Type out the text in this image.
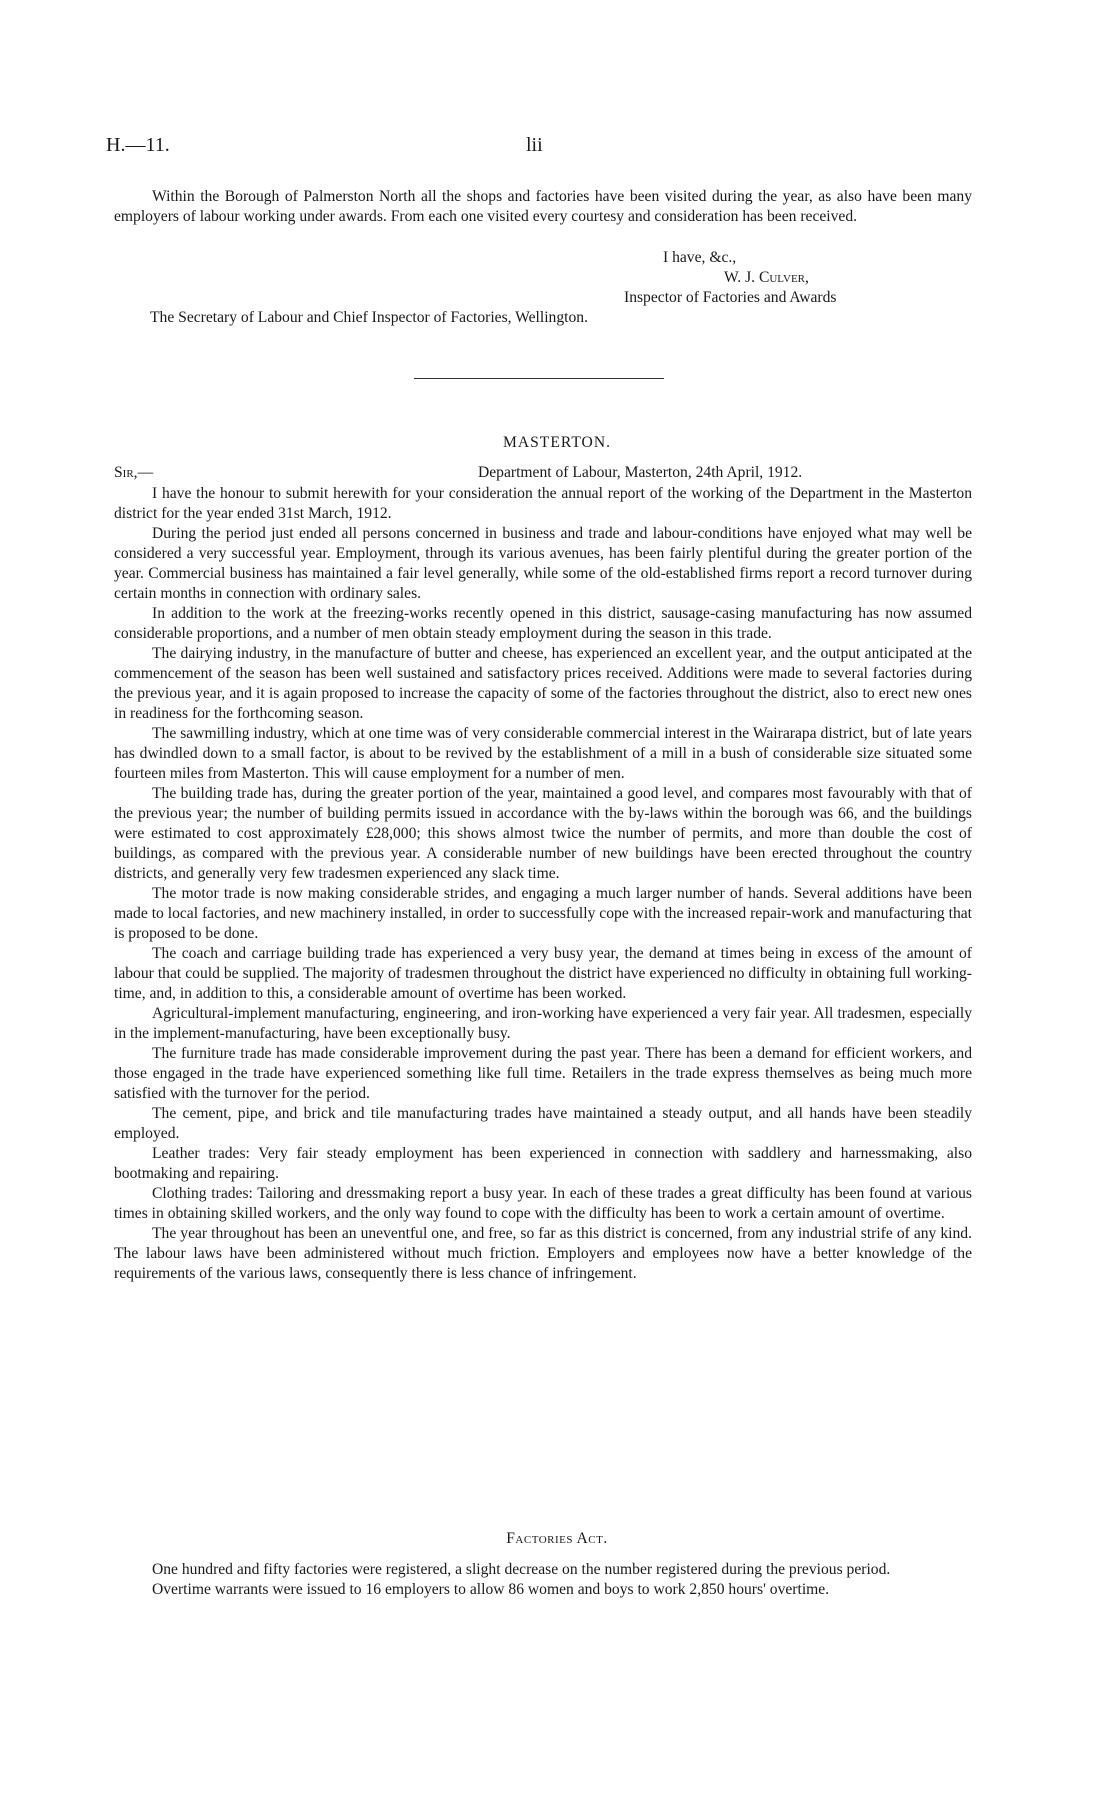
H.—11.	lii

Within the Borough of Palmerston North all the shops and factories have been visited during the year, as also have been many employers of labour working under awards. From each one visited every courtesy and consideration has been received.

I have, &c.,
W. J. Culver,
Inspector of Factories and Awards
The Secretary of Labour and Chief Inspector of Factories, Wellington.
MASTERTON.
Sir,—	Department of Labour, Masterton, 24th April, 1912.

I have the honour to submit herewith for your consideration the annual report of the working of the Department in the Masterton district for the year ended 31st March, 1912.

During the period just ended all persons concerned in business and trade and labour-conditions have enjoyed what may well be considered a very successful year. Employment, through its various avenues, has been fairly plentiful during the greater portion of the year. Commercial business has maintained a fair level generally, while some of the old-established firms report a record turnover during certain months in connection with ordinary sales.

In addition to the work at the freezing-works recently opened in this district, sausage-casing manufacturing has now assumed considerable proportions, and a number of men obtain steady employment during the season in this trade.

The dairying industry, in the manufacture of butter and cheese, has experienced an excellent year, and the output anticipated at the commencement of the season has been well sustained and satisfactory prices received. Additions were made to several factories during the previous year, and it is again proposed to increase the capacity of some of the factories throughout the district, also to erect new ones in readiness for the forthcoming season.

The sawmilling industry, which at one time was of very considerable commercial interest in the Wairarapa district, but of late years has dwindled down to a small factor, is about to be revived by the establishment of a mill in a bush of considerable size situated some fourteen miles from Masterton. This will cause employment for a number of men.

The building trade has, during the greater portion of the year, maintained a good level, and compares most favourably with that of the previous year; the number of building permits issued in accordance with the by-laws within the borough was 66, and the buildings were estimated to cost approximately £28,000; this shows almost twice the number of permits, and more than double the cost of buildings, as compared with the previous year. A considerable number of new buildings have been erected throughout the country districts, and generally very few tradesmen experienced any slack time.

The motor trade is now making considerable strides, and engaging a much larger number of hands. Several additions have been made to local factories, and new machinery installed, in order to successfully cope with the increased repair-work and manufacturing that is proposed to be done.

The coach and carriage building trade has experienced a very busy year, the demand at times being in excess of the amount of labour that could be supplied. The majority of tradesmen throughout the district have experienced no difficulty in obtaining full working-time, and, in addition to this, a considerable amount of overtime has been worked.

Agricultural-implement manufacturing, engineering, and iron-working have experienced a very fair year. All tradesmen, especially in the implement-manufacturing, have been exceptionally busy.

The furniture trade has made considerable improvement during the past year. There has been a demand for efficient workers, and those engaged in the trade have experienced something like full time. Retailers in the trade express themselves as being much more satisfied with the turnover for the period.

The cement, pipe, and brick and tile manufacturing trades have maintained a steady output, and all hands have been steadily employed.

Leather trades: Very fair steady employment has been experienced in connection with saddlery and harnessmaking, also bootmaking and repairing.

Clothing trades: Tailoring and dressmaking report a busy year. In each of these trades a great difficulty has been found at various times in obtaining skilled workers, and the only way found to cope with the difficulty has been to work a certain amount of overtime.

The year throughout has been an uneventful one, and free, so far as this district is concerned, from any industrial strife of any kind. The labour laws have been administered without much friction. Employers and employees now have a better knowledge of the requirements of the various laws, consequently there is less chance of infringement.

Factories Act.

One hundred and fifty factories were registered, a slight decrease on the number registered during the previous period.

Overtime warrants were issued to 16 employers to allow 86 women and boys to work 2,850 hours' overtime.
